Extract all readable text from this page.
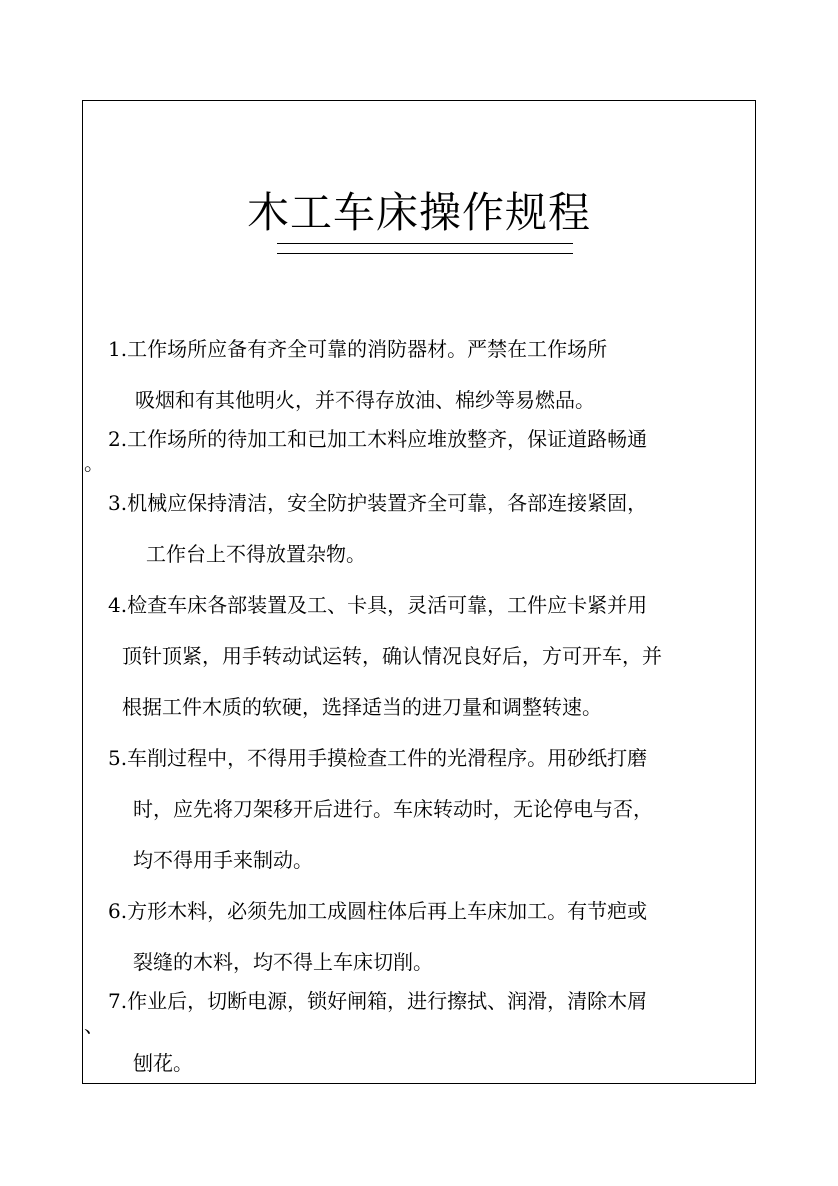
木工车床操作规程
1.工作场所应备有齐全可靠的消防器材。严禁在工作场所
吸烟和有其他明火，并不得存放油、棉纱等易燃品。
2.工作场所的待加工和已加工木料应堆放整齐，保证道路畅通
。
3.机械应保持清洁，安全防护装置齐全可靠，各部连接紧固，
工作台上不得放置杂物。
4.检查车床各部装置及工、卡具，灵活可靠，工件应卡紧并用
顶针顶紧，用手转动试运转，确认情况良好后，方可开车，并
根据工件木质的软硬，选择适当的进刀量和调整转速。
5.车削过程中，不得用手摸检查工件的光滑程序。用砂纸打磨
时，应先将刀架移开后进行。车床转动时，无论停电与否，
均不得用手来制动。
6.方形木料，必须先加工成圆柱体后再上车床加工。有节疤或
裂缝的木料，均不得上车床切削。
7.作业后，切断电源，锁好闸箱，进行擦拭、润滑，清除木屑
、
刨花。
